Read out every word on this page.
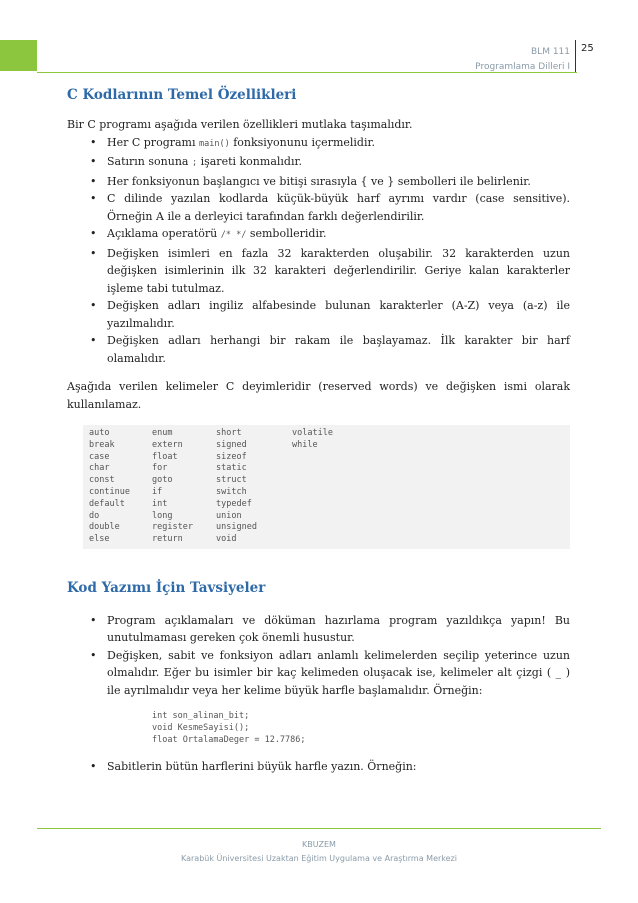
BLM 111
Programlama Dilleri I
25
C Kodlarının Temel Özellikleri

Bir C programı aşağıda verilen özellikleri mutlaka taşımalıdır.

• Her C programı main() fonksiyonunu içermelidir.
• Satırın sonuna ; işareti konmalıdır.
• Her fonksiyonun başlangıcı ve bitişi sırasıyla { ve } sembolleri ile belirlenir.
• C dilinde yazılan kodlarda küçük-büyük harf ayrımı vardır (case sensitive). Örneğin A ile a derleyici tarafından farklı değerlendirilir.
• Açıklama operatörü /* */ sembolleridir.
• Değişken isimleri en fazla 32 karakterden oluşabilir. 32 karakterden uzun değişken isimlerinin ilk 32 karakteri değerlendirilir. Geriye kalan karakterler işleme tabi tutulmaz.
• Değişken adları ingiliz alfabesinde bulunan karakterler (A-Z) veya (a-z) ile yazılmalıdır.
• Değişken adları herhangi bir rakam ile başlayamaz. İlk karakter bir harf olamalıdır.

Aşağıda verilen kelimeler C deyimleridir (reserved words) ve değişken ismi olarak kullanılamaz.

auto	enum	short	volatile
break	extern	signed	while
case	float	sizeof	
char	for	static	
const	goto	struct	
continue	if	switch	
default	int	typedef	
do	long	union	
double	register	unsigned	
else	return	void	
Kod Yazımı İçin Tavsiyeler
• Program açıklamaları ve döküman hazırlama program yazıldıkça yapın! Bu unutulmaması gereken çok önemli husustur.
• Değişken, sabit ve fonksiyon adları anlamlı kelimelerden seçilip yeterince uzun olmalıdır. Eğer bu isimler bir kaç kelimeden oluşacak ise, kelimeler alt çizgi ( _ ) ile ayrılmalıdır veya her kelime büyük harfle başlamalıdır. Örneğin:
int son_alinan_bit;
void KesmeSayisi();
float OrtalamaDeger = 12.7786;
• Sabitlerin bütün harflerini büyük harfle yazın. Örneğin:
KBUZEM
Karabük Üniversitesi Uzaktan Eğitim Uygulama ve Araştırma Merkezi
